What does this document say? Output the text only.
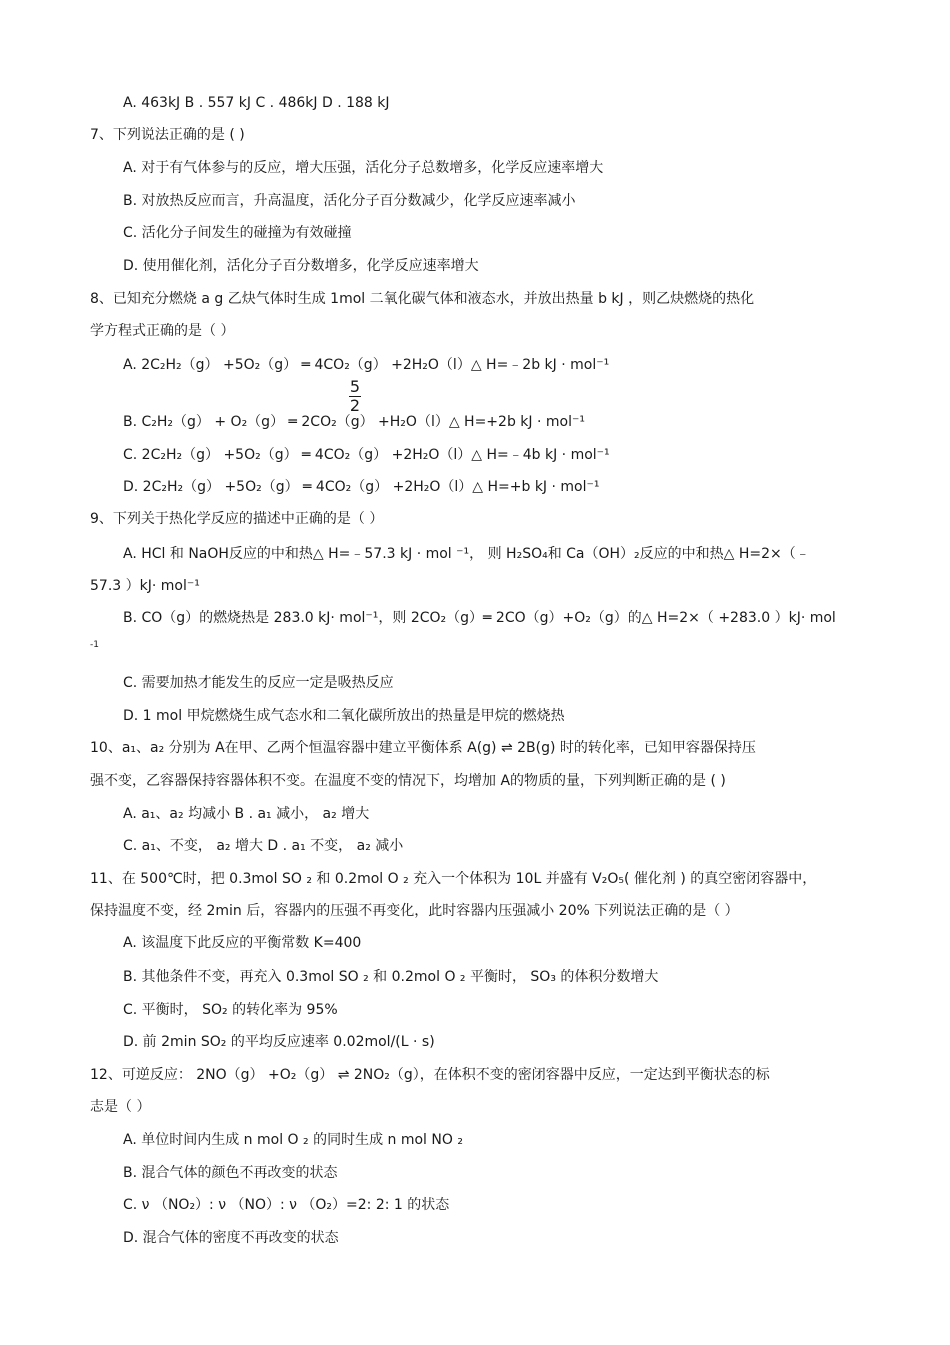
A. 463kJ B . 557 kJ C . 486kJ D . 188 kJ
7、下列说法正确的是 ( )
A. 对于有气体参与的反应，增大压强，活化分子总数增多，化学反应速率增大
B. 对放热反应而言，升高温度，活化分子百分数减少，化学反应速率减小
C. 活化分子间发生的碰撞为有效碰撞
D. 使用催化剂，活化分子百分数增多，化学反应速率增大
8、已知充分燃烧 a g 乙炔气体时生成 1mol 二氧化碳气体和液态水，并放出热量 b kJ ，则乙炔燃烧的热化
学方程式正确的是（ ）
A. 2C₂H₂（g） +5O₂（g） ═ 4CO₂（g） +2H₂O（l）△ H=﹣2b kJ · mol⁻¹
B. C₂H₂（g） + O₂（g） ═ 2CO₂（g） +H₂O（l）△ H=+2b kJ · mol⁻¹
5
2
C. 2C₂H₂（g） +5O₂（g） ═ 4CO₂（g） +2H₂O（l）△ H=﹣4b kJ · mol⁻¹
D. 2C₂H₂（g） +5O₂（g） ═ 4CO₂（g） +2H₂O（l）△ H=+b kJ · mol⁻¹
9、下列关于热化学反应的描述中正确的是（ ）
A. HCl 和 NaOH反应的中和热△ H=﹣57.3 kJ · mol ⁻¹， 则 H₂SO₄和 Ca（OH）₂反应的中和热△ H=2×（﹣
57.3 ）kJ· mol⁻¹
B. CO（g）的燃烧热是 283.0 kJ· mol⁻¹，则 2CO₂（g）═ 2CO（g）+O₂（g）的△ H=2×（ +283.0 ）kJ· mol
-1
C. 需要加热才能发生的反应一定是吸热反应
D. 1 mol 甲烷燃烧生成气态水和二氧化碳所放出的热量是甲烷的燃烧热
10、a₁、a₂ 分别为 A在甲、乙两个恒温容器中建立平衡体系 A(g) ⇌ 2B(g) 时的转化率，已知甲容器保持压
强不变，乙容器保持容器体积不变。在温度不变的情况下，均增加 A的物质的量，下列判断正确的是 ( )
A. a₁、a₂ 均减小 B . a₁ 减小， a₂ 增大
C. a₁、不变， a₂ 增大 D . a₁ 不变， a₂ 减小
11、在 500℃时，把 0.3mol SO ₂ 和 0.2mol O ₂ 充入一个体积为 10L 并盛有 V₂O₅( 催化剂 ) 的真空密闭容器中，
保持温度不变，经 2min 后，容器内的压强不再变化，此时容器内压强减小 20% 下列说法正确的是（ ）
A. 该温度下此反应的平衡常数 K=400
B. 其他条件不变，再充入 0.3mol SO ₂ 和 0.2mol O ₂ 平衡时， SO₃ 的体积分数增大
C. 平衡时， SO₂ 的转化率为 95%
D. 前 2min SO₂ 的平均反应速率 0.02mol/(L · s)
12、可逆反应： 2NO（g） +O₂（g） ⇌ 2NO₂（g），在体积不变的密闭容器中反应，一定达到平衡状态的标
志是（ ）
A. 单位时间内生成 n mol O ₂ 的同时生成 n mol NO ₂
B. 混合气体的颜色不再改变的状态
C. ν （NO₂）: ν （NO）: ν （O₂）=2: 2: 1 的状态
D. 混合气体的密度不再改变的状态
